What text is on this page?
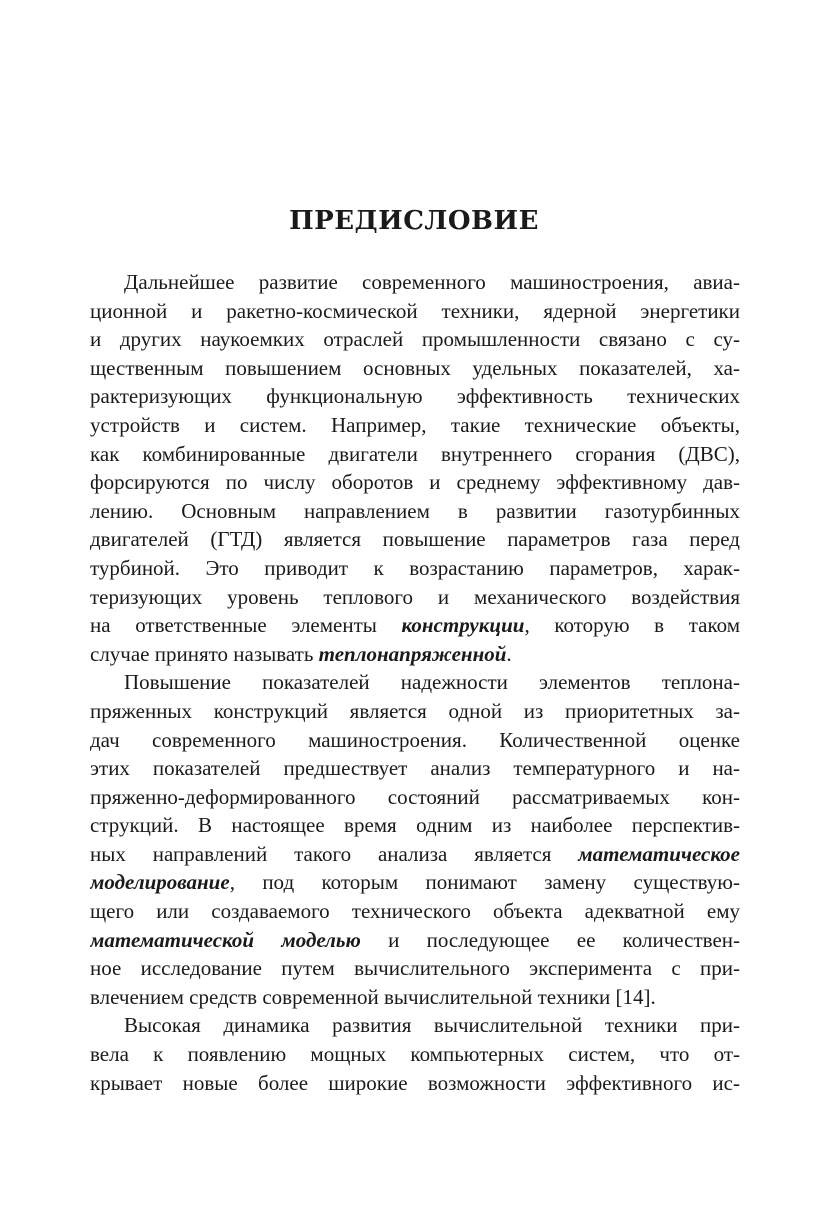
ПРЕДИСЛОВИЕ
Дальнейшее развитие современного машиностроения, авиа-
ционной и ракетно-космической техники, ядерной энергетики
и других наукоемких отраслей промышленности связано с су-
щественным повышением основных удельных показателей, ха-
рактеризующих функциональную эффективность технических
устройств и систем. Например, такие технические объекты,
как комбинированные двигатели внутреннего сгорания (ДВС),
форсируются по числу оборотов и среднему эффективному дав-
лению. Основным направлением в развитии газотурбинных
двигателей (ГТД) является повышение параметров газа перед
турбиной. Это приводит к возрастанию параметров, харак-
теризующих уровень теплового и механического воздействия
на ответственные элементы конструкции, которую в таком
случае принято называть теплонапряженной.
Повышение показателей надежности элементов теплона-
пряженных конструкций является одной из приоритетных за-
дач современного машиностроения. Количественной оценке
этих показателей предшествует анализ температурного и на-
пряженно-деформированного состояний рассматриваемых кон-
струкций. В настоящее время одним из наиболее перспектив-
ных направлений такого анализа является математическое
моделирование, под которым понимают замену существую-
щего или создаваемого технического объекта адекватной ему
математической моделью и последующее ее количествен-
ное исследование путем вычислительного эксперимента с при-
влечением средств современной вычислительной техники [14].
Высокая динамика развития вычислительной техники при-
вела к появлению мощных компьютерных систем, что от-
крывает новые более широкие возможности эффективного ис-
